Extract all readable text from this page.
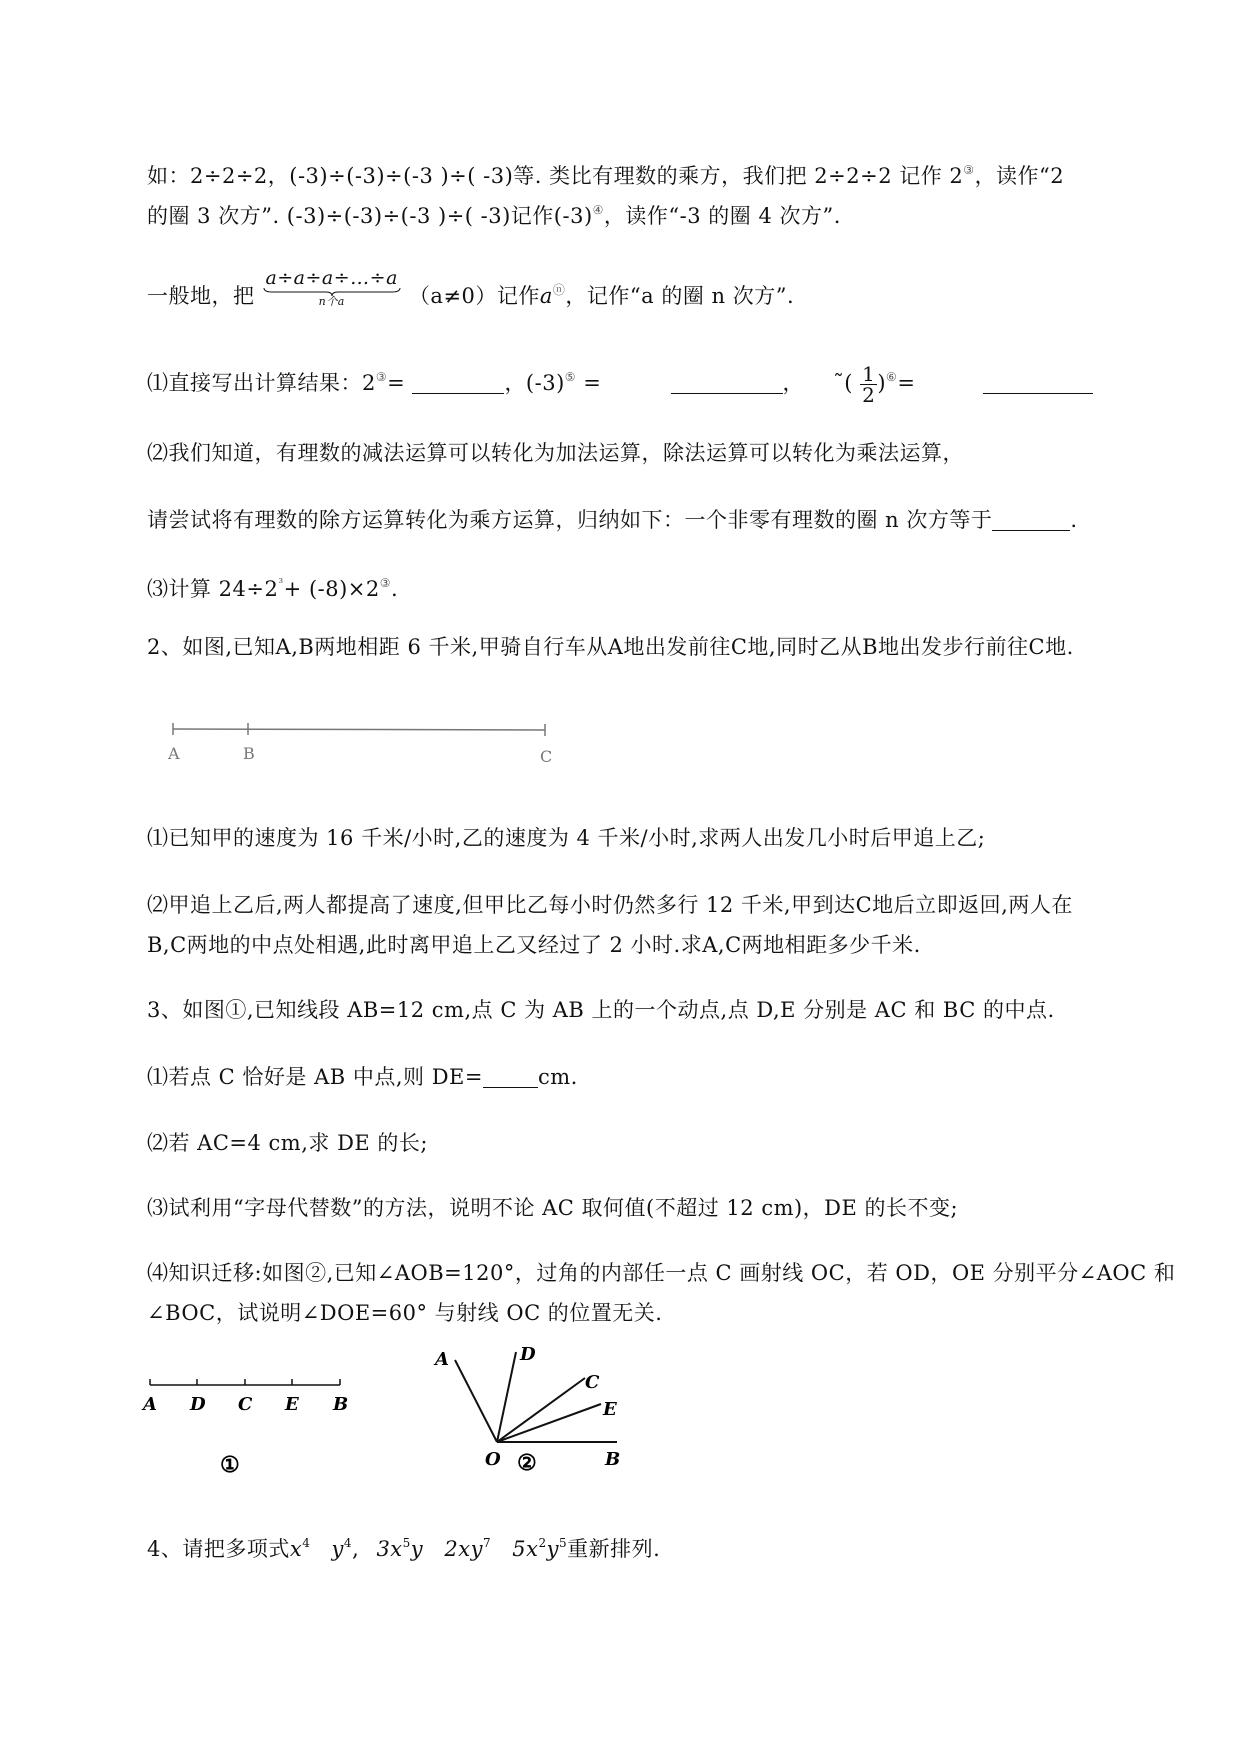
如：2÷2÷2，(-3)÷(-3)÷(-3 )÷( -3)等. 类比有理数的乘方，我们把 2÷2÷2 记作 2③，读作“2
的圈 3 次方”. (-3)÷(-3)÷(-3 )÷( -3)记作(-3)④，读作“-3 的圈 4 次方”.
一般地，把
a÷a÷a÷…÷a
n个a	（a≠0）记作aⓝ，记作“a 的圈 n 次方”.
⑴直接写出计算结果：2③=	，(-3)⑤ =	， ˜( $\frac{1}{2} )^⑥=$
⑵我们知道，有理数的减法运算可以转化为加法运算，除法运算可以转化为乘法运算，
请尝试将有理数的除方运算转化为乘方运算，归纳如下：一个非零有理数的圈 n 次方等于	.
⑶计算 $24\div 2^{^3}+ (-8)\times 2^③$.
2、如图,已知A,B两地相距 6 千米,甲骑自行车从A地出发前往C地,同时乙从B地出发步行前往C地.
A	B	C
⑴已知甲的速度为 16 千米/小时,乙的速度为 4 千米/小时,求两人出发几小时后甲追上乙;
⑵甲追上乙后,两人都提高了速度,但甲比乙每小时仍然多行 12 千米,甲到达C地后立即返回,两人在
B,C两地的中点处相遇,此时离甲追上乙又经过了 2 小时.求A,C两地相距多少千米.
3、如图①,已知线段 AB=12 cm,点 C 为 AB 上的一个动点,点 D,E 分别是 AC 和 BC 的中点.
⑴若点 C 恰好是 AB 中点,则 DE=	cm.
⑵若 AC=4 cm,求 DE 的长;
⑶试利用“字母代替数”的方法，说明不论 AC 取何值(不超过 12 cm)，DE 的长不变;
⑷知识迁移:如图②,已知∠AOB=120°，过角的内部任一点 C 画射线 OC，若 OD，OE 分别平分∠AOC 和
∠BOC，试说明∠DOE=60° 与射线 OC 的位置无关.
A D C E B
①
A	D
C
E
O	B
②
4、请把多项式$x^4$ $y^4$, $3x^5y$ $2xy^7$ $5x^2y^5$重新排列.
